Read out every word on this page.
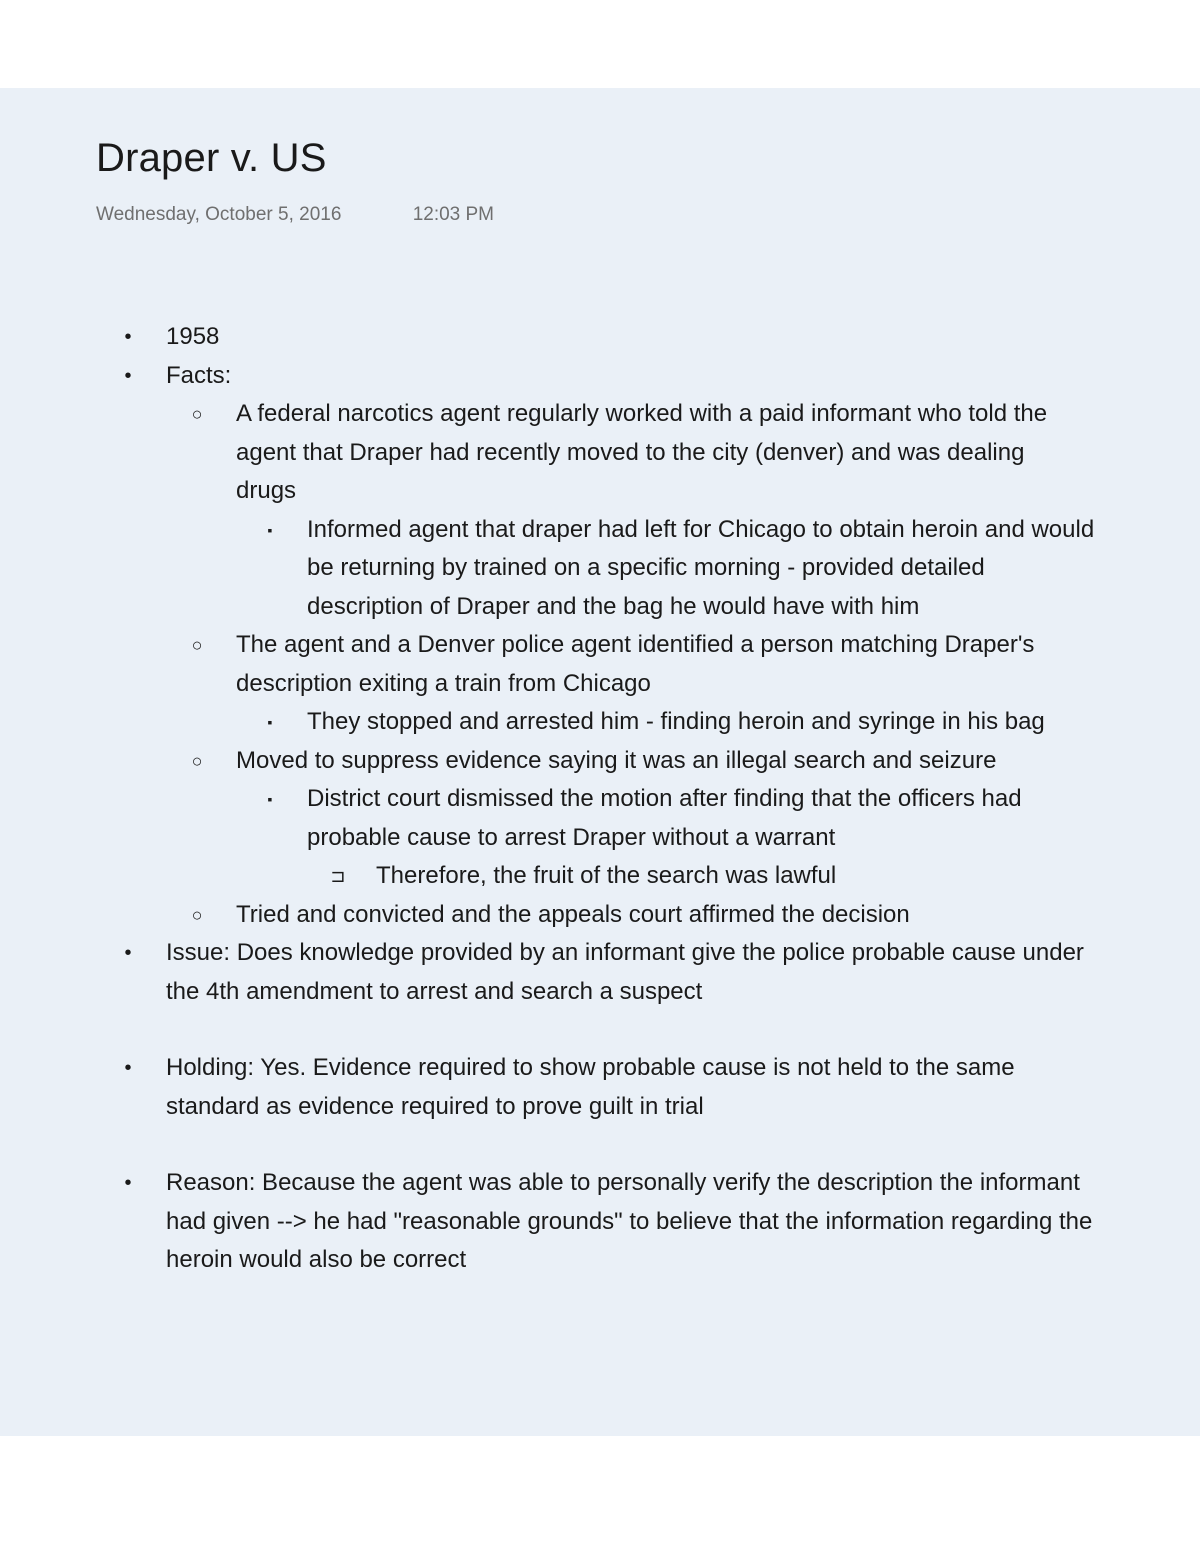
Draper v. US
Wednesday, October 5, 2016	12:03 PM
• 1958
• Facts:
○ A federal narcotics agent regularly worked with a paid informant who told the agent that Draper had recently moved to the city (denver) and was dealing drugs
▪	Informed agent that draper had left for Chicago to obtain heroin and would be returning by trained on a specific morning - provided detailed description of Draper and the bag he would have with him
○ The agent and a Denver police agent identified a person matching Draper's description exiting a train from Chicago
▪	They stopped and arrested him - finding heroin and syringe in his bag
○ Moved to suppress evidence saying it was an illegal search and seizure
▪	District court dismissed the motion after finding that the officers had probable cause to arrest Draper without a warrant
⊐ Therefore, the fruit of the search was lawful
○ Tried and convicted and the appeals court affirmed the decision
• Issue: Does knowledge provided by an informant give the police probable cause under the 4th amendment to arrest and search a suspect
• Holding: Yes. Evidence required to show probable cause is not held to the same standard as evidence required to prove guilt in trial
• Reason: Because the agent was able to personally verify the description the informant had given --> he had "reasonable grounds" to believe that the information regarding the heroin would also be correct
